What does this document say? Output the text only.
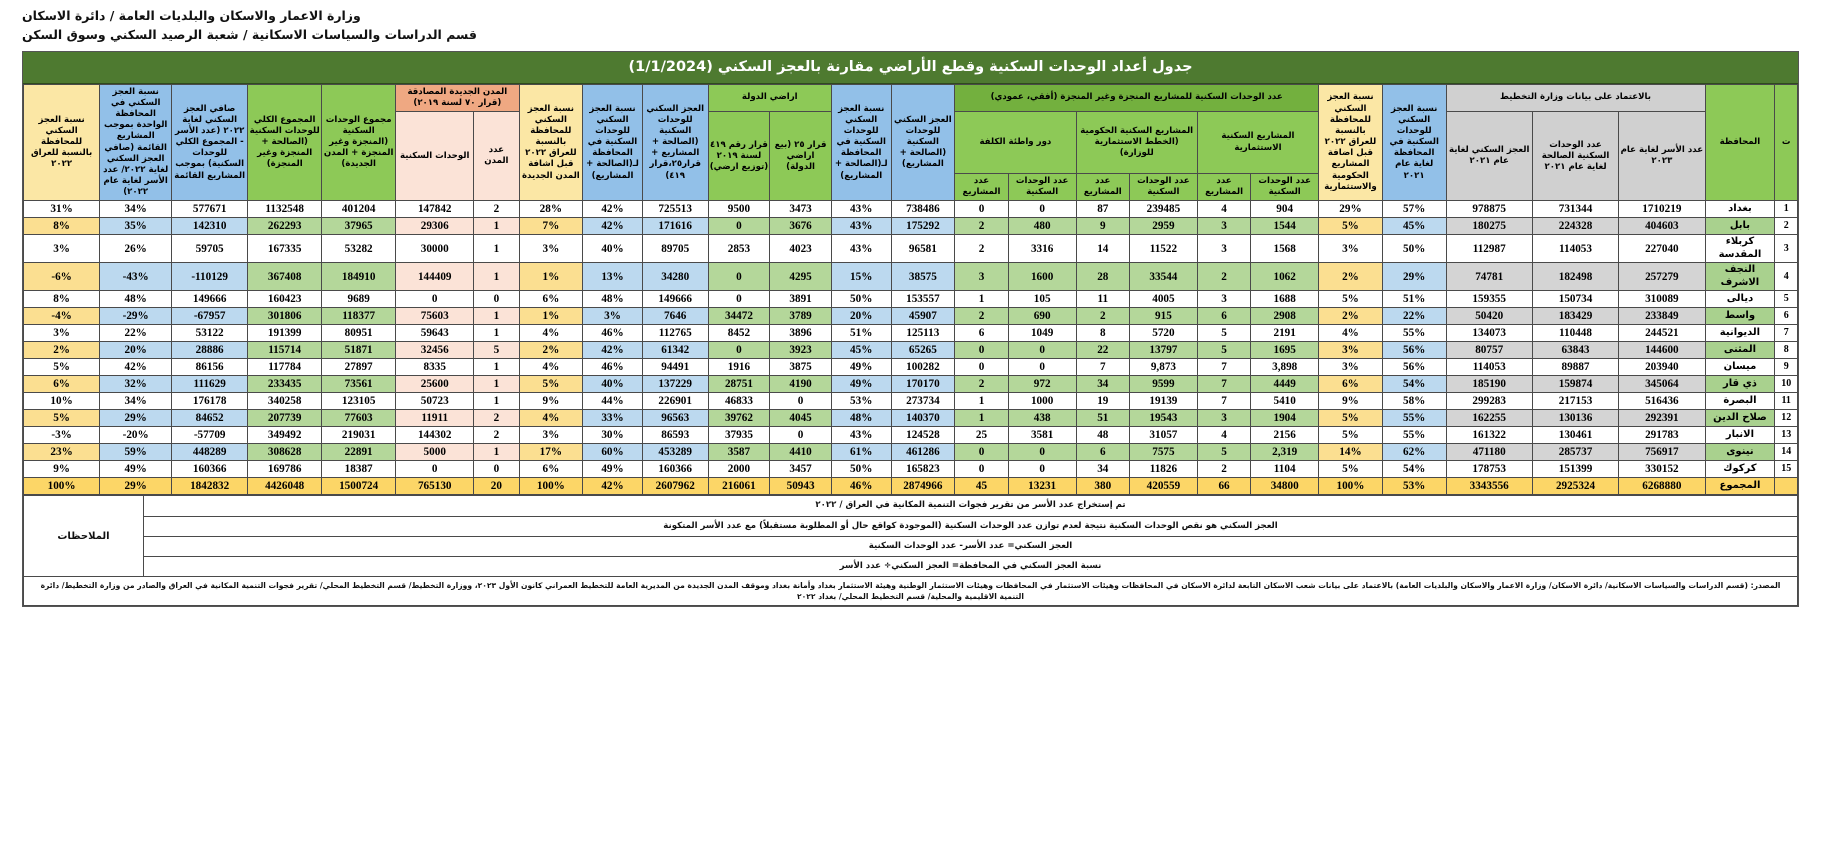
وزارة الاعمار والاسكان والبلديات العامة / دائرة الاسكان
قسم الدراسات والسياسات الاسكانية / شعبة الرصيد السكني وسوق السكن
جدول أعداد الوحدات السكنية وقطع الأراضي مقارنة بالعجز السكني (1/1/2024)
ت	المحافظة	بالاعتماد على بيانات وزارة التخطيط			نسبة العجز السكني للوحدات السكنية في المحافظة لغاية عام ٢٠٢١	نسبة العجز السكني للمحافظة بالنسبة للعراق ٢٠٢٢ قبل اضافة المشاريع الحكومية والاستثمارية	عدد الوحدات السكنية للمشاريع المنجزة وغير المنجزة (أفقي، عمودي)						العجز السكني للوحدات السكنية (الصالحة + المشاريع)	نسبة العجز السكني للوحدات السكنية في المحافظة لـ(الصالحة + المشاريع)	اراضي الدولة		العجز السكني للوحدات السكنية (الصالحة + المشاريع + قرار٢٥،قرار ٤١٩)	نسبة العجز السكني للوحدات السكنية في المحافظة لـ(الصالحة + المشاريع)	نسبة العجز السكني للمحافظة بالنسبة للعراق ٢٠٢٢ قبل اشافة المدن الجديدة	المدن الجديدة المصادقة (قرار ٧٠ لسنة ٢٠١٩)		مجموع الوحدات السكنية (المنجزة وغير المنجزة + المدن الجديدة)	المجموع الكلي للوحدات السكنية (الصالحة + المنجزة وغير المنجزة)	صافي العجز السكني لغاية ٢٠٢٢ (عدد الأسر - المجموع الكلي للوحدات السكنية) بموجب المشاريع القائمة	نسبة العجز السكني في المحافظة الواحدة بموجب المشاريع القائمة (صافي العجز السكني لغاية ٢٠٢٢/ عدد الأسر لغاية عام ٢٠٢٢)	نسبة العجز السكني للمحافظة بالنسبة للعراق ٢٠٢٢
		عدد الأسر لغاية عام ٢٠٢٣	عدد الوحدات السكنية الصالحة لغاية عام ٢٠٢١	العجز السكني لغاية عام ٢٠٢١			المشاريع السكنية الاستثمارية		المشاريع السكنية الحكومية (الخطط الاستثمارية للوزارة)		دور واطئة الكلفة				قرار ٢٥ (بيع اراضي الدولة)	قرار رقم ٤١٩ لسنة ٢٠١٩ (توزيع ارضي)				عدد المدن	الوحدات السكنية					
							عدد الوحدات السكنية	عدد المشاريع	عدد الوحدات السكنية	عدد المشاريع	عدد الوحدات السكنية	عدد المشاريع														
1	بغداد	1710219	731344	978875	57%	29%	904	4	239485	87	0	0	738486	43%	3473	9500	725513	42%	28%	2	147842	401204	1132548	577671	34%	31%
2	بابل	404603	224328	180275	45%	5%	1544	3	2959	9	480	2	175292	43%	3676	0	171616	42%	7%	1	29306	37965	262293	142310	35%	8%
3	كربلاء المقدسة	227040	114053	112987	50%	3%	1568	3	11522	14	3316	2	96581	43%	4023	2853	89705	40%	3%	1	30000	53282	167335	59705	26%	3%
4	النجف الاشرف	257279	182498	74781	29%	2%	1062	2	33544	28	1600	3	38575	15%	4295	0	34280	13%	1%	1	144409	184910	367408	-110129	-43%	-6%
5	ديالى	310089	150734	159355	51%	5%	1688	3	4005	11	105	1	153557	50%	3891	0	149666	48%	6%	0	0	9689	160423	149666	48%	8%
6	واسط	233849	183429	50420	22%	2%	2908	6	915	2	690	2	45907	20%	3789	34472	7646	3%	1%	1	75603	118377	301806	-67957	-29%	-4%
7	الديوانية	244521	110448	134073	55%	4%	2191	5	5720	8	1049	6	125113	51%	3896	8452	112765	46%	4%	1	59643	80951	191399	53122	22%	3%
8	المثنى	144600	63843	80757	56%	3%	1695	5	13797	22	0	0	65265	45%	3923	0	61342	42%	2%	5	32456	51871	115714	28886	20%	2%
9	ميسان	203940	89887	114053	56%	3%	3,898	7	9,873	7	0	0	100282	49%	3875	1916	94491	46%	4%	1	8335	27897	117784	86156	42%	5%
10	ذي قار	345064	159874	185190	54%	6%	4449	7	9599	34	972	2	170170	49%	4190	28751	137229	40%	5%	1	25600	73561	233435	111629	32%	6%
11	البصرة	516436	217153	299283	58%	9%	5410	7	19139	19	1000	1	273734	53%	0	46833	226901	44%	9%	1	50723	123105	340258	176178	34%	10%
12	صلاح الدين	292391	130136	162255	55%	5%	1904	3	19543	51	438	1	140370	48%	4045	39762	96563	33%	4%	2	11911	77603	207739	84652	29%	5%
13	الانبار	291783	130461	161322	55%	5%	2156	4	31057	48	3581	25	124528	43%	0	37935	86593	30%	3%	2	144302	219031	349492	-57709	-20%	-3%
14	نينوى	756917	285737	471180	62%	14%	2,319	5	7575	6	0	0	461286	61%	4410	3587	453289	60%	17%	1	5000	22891	308628	448289	59%	23%
15	كركوك	330152	151399	178753	54%	5%	1104	2	11826	34	0	0	165823	50%	3457	2000	160366	49%	6%	0	0	18387	169786	160366	49%	9%
	المجموع	6268880	2925324	3343556	53%	100%	34800	66	420559	380	13231	45	2874966	46%	50943	216061	2607962	42%	100%	20	765130	1500724	4426048	1842832	29%	100%
تم إستخراج عدد الأسر من تقرير فجوات التنمية المكانية في العراق / ٢٠٢٢	الملاحظات
العجز السكني هو نقص الوحدات السكنية نتيجة لعدم توازن عدد الوحدات السكنية (الموجودة كواقع حال أو المطلوبة مستقبلاً) مع عدد الأسر المتكونة
العجز السكني= عدد الأسر- عدد الوحدات السكنية
نسبة العجز السكني في المحافظة= العجز السكني÷ عدد الأسر
المصدر: (قسم الدراسات والسياسات الاسكانية/ دائرة الاسكان/ وزارة الاعمار والاسكان والبلديات العامة) بالاعتماد على بيانات شعب الاسكان التابعة لدائرة الاسكان في المحافظات وهيئات الاستثمار في المحافظات وهيئات الاستثمار الوطنية وهيئة الاستثمار بغداد وأمانة بغداد وموقف المدن الجديدة من المديرية العامة للتخطيط العمراني كانون الأول ٢٠٢٣، ووزارة التخطيط/ قسم التخطيط المحلي/ تقرير فجوات التنمية المكانية في العراق والصادر من وزارة التخطيط/ دائرة التنمية الاقليمية والمحلية/ قسم التخطيط المحلي/ بغداد ٢٠٢٢
